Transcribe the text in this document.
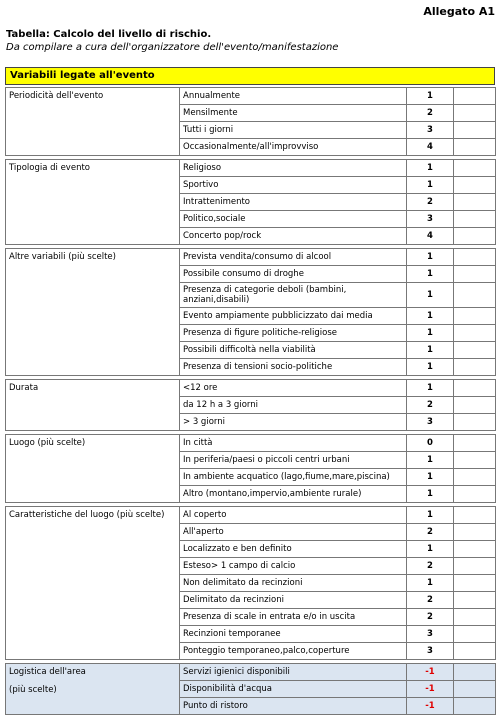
Allegato A1
Tabella: Calcolo del livello di rischio.
Da compilare a cura dell'organizzatore dell'evento/manifestazione
Variabili legate all'evento
Periodicità dell'evento	Annualmente	1	
	Mensilmente	2	
	Tutti i giorni	3	
	Occasionalmente/all'improvviso	4	

Tipologia di evento	Religioso	1	
	Sportivo	1	
	Intrattenimento	2	
	Politico,sociale	3	
	Concerto pop/rock	4	

Altre variabili (più scelte)	Prevista vendita/consumo di alcool	1	
	Possibile consumo di droghe	1	
	Presenza di categorie deboli (bambini, anziani,disabili)	1	
	Evento ampiamente pubblicizzato dai media	1	
	Presenza di figure politiche-religiose	1	
	Possibili difficoltà nella viabilità	1	
	Presenza di tensioni socio-politiche	1	

Durata	<12 ore	1	
	da 12 h a 3 giorni	2	
	> 3 giorni	3	

Luogo (più scelte)	In città	0	
	In periferia/paesi o piccoli centri urbani	1	
	In ambiente acquatico (lago,fiume,mare,piscina)	1	
	Altro (montano,impervio,ambiente rurale)	1	

Caratteristiche del luogo (più scelte)	Al coperto	1	
	All'aperto	2	
	Localizzato e ben definito	1	
	Esteso> 1 campo di calcio	2	
	Non delimitato da recinzioni	1	
	Delimitato da recinzioni	2	
	Presenza di scale in entrata e/o in uscita	2	
	Recinzioni temporanee	3	
	Ponteggio temporaneo,palco,coperture	3	

Logistica dell'area
(più scelte)	Servizi igienici disponibili	-1	
	Disponibilità d'acqua	-1	
	Punto di ristoro	-1	
